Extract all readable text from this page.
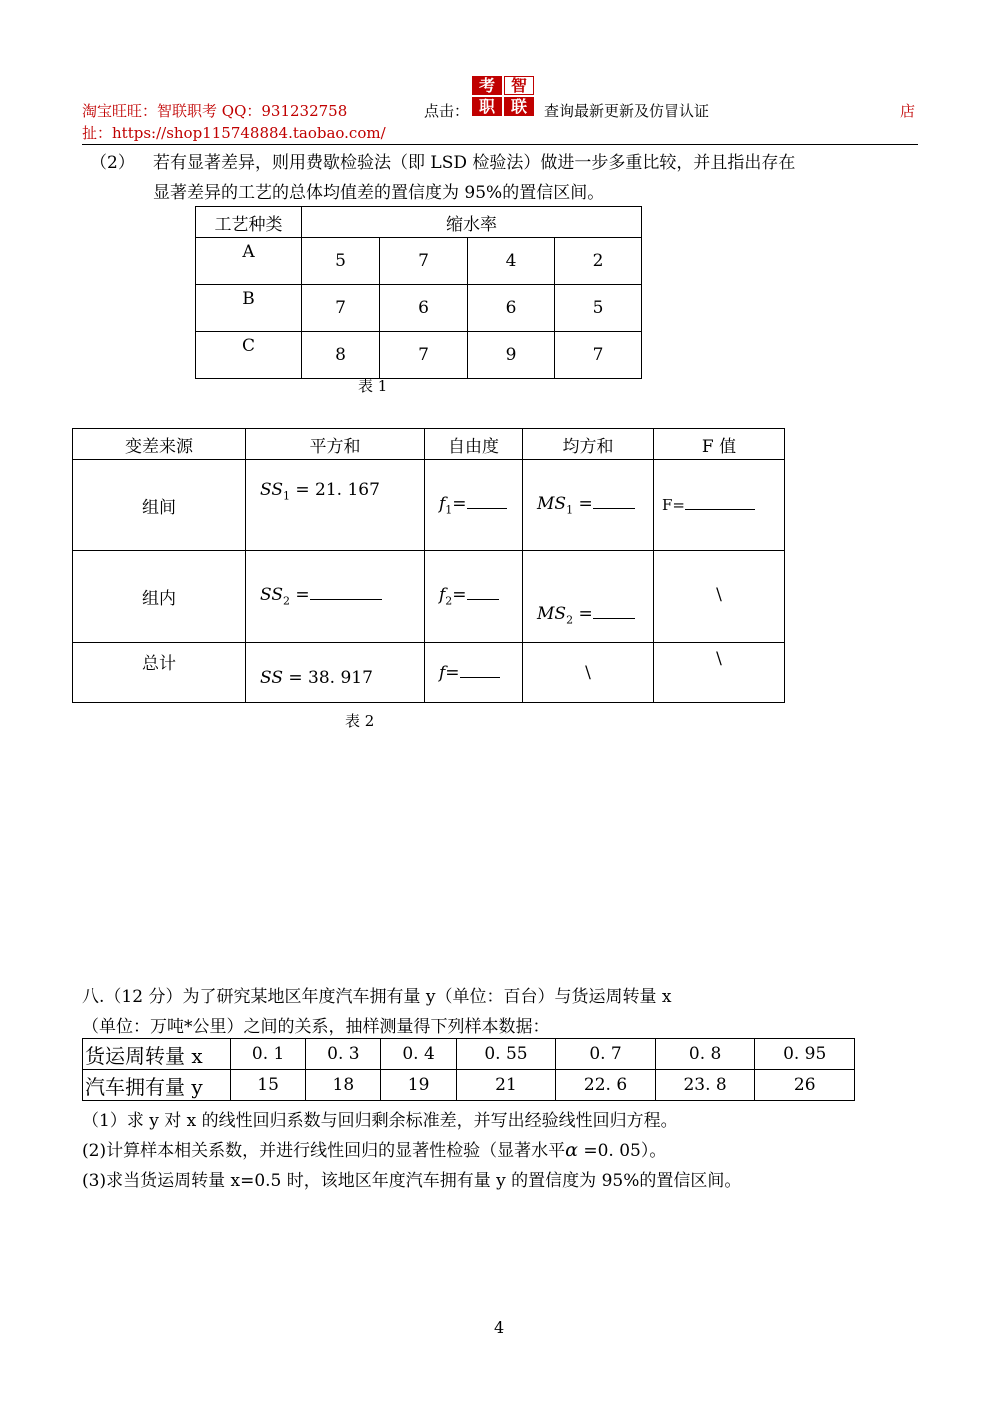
淘宝旺旺：智联职考 QQ：931232758	点击：
考 智
职 联	查询最新更新及仿冒认证	店
扯：https://shop115748884.taobao.com/
（2） 若有显著差异，则用费歇检验法（即 LSD 检验法）做进一步多重比较，并且指出存在
显著差异的工艺的总体均值差的置信度为 95%的置信区间。
工艺种类	缩水率			
A	5	7	4	2
B	7	6	6	5
C	8	7	9	7
表 1
变差来源	平方和	自由度	均方和	F 值
组间	$SS_1 = 21$. 167	$f_1=$	$MS_1$ =	F=
组内	$SS_2$ =	$f_2=$	$MS_2$ =	\
总计	SS = 38. 917	f=	\	\
表 2
八.（12 分）为了研究某地区年度汽车拥有量 y（单位：百台）与货运周转量 x
（单位：万吨*公里）之间的关系，抽样测量得下列样本数据：
货运周转量 x	0. 1	0. 3	0. 4	0. 55	0. 7	0. 8	0. 95
汽车拥有量 y	15	18	19	21	22. 6	23. 8	26
（1）求 y 对 x 的线性回归系数与回归剩余标准差，并写出经验线性回归方程。
(2)计算样本相关系数，并进行线性回归的显著性检验（显著水平α =0. 05）。
(3)求当货运周转量 x=0.5 时，该地区年度汽车拥有量 y 的置信度为 95%的置信区间。
4
